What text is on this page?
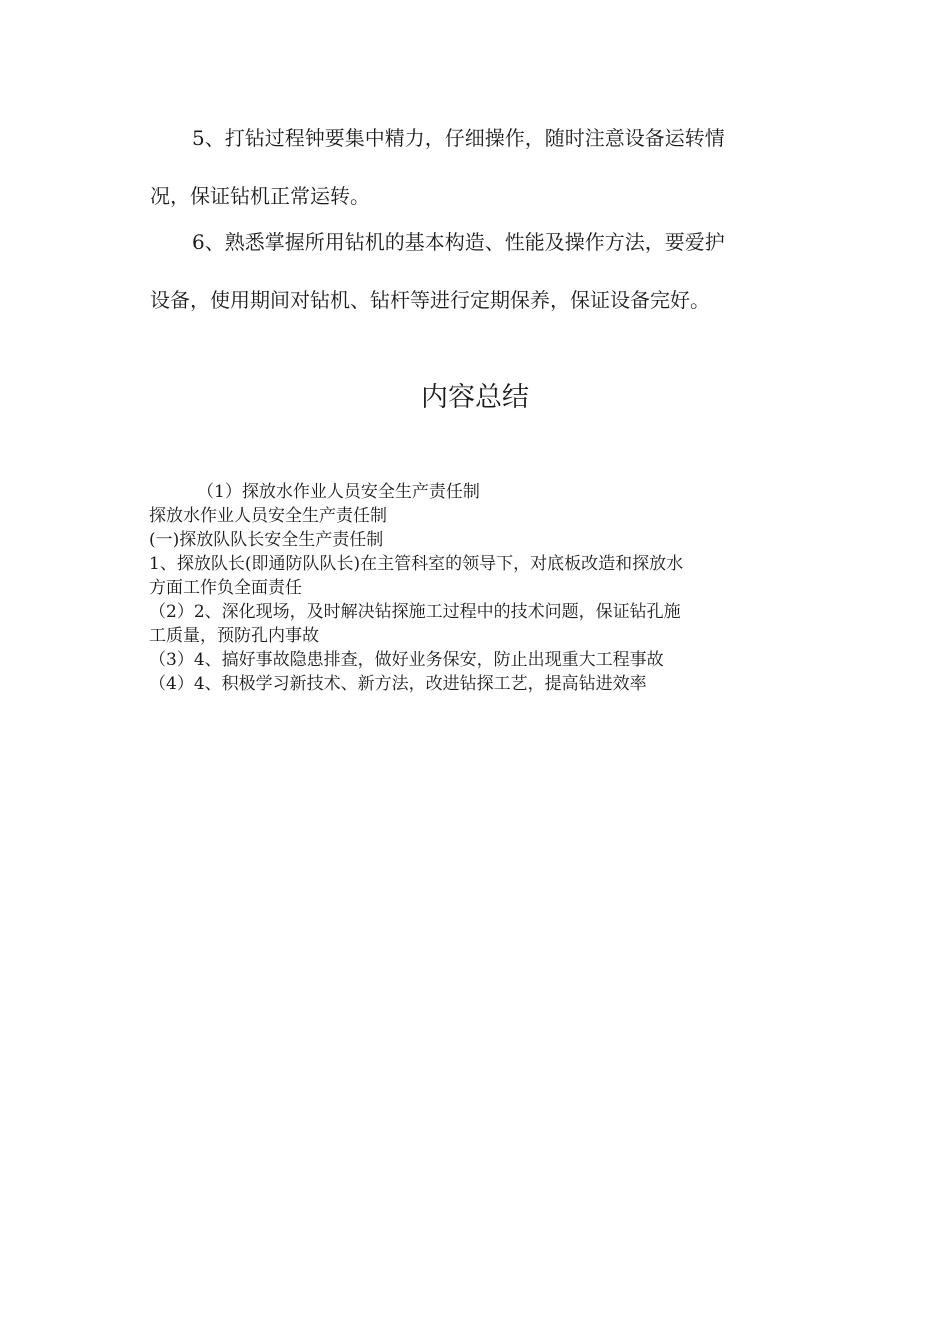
5、打钻过程钟要集中精力，仔细操作，随时注意设备运转情
况，保证钻机正常运转。

6、熟悉掌握所用钻机的基本构造、性能及操作方法，要爱护
设备，使用期间对钻机、钻杆等进行定期保养，保证设备完好。

内容总结
（1）探放水作业人员安全生产责任制
探放水作业人员安全生产责任制
(一)探放队队长安全生产责任制
1、探放队长(即通防队队长)在主管科室的领导下，对底板改造和探放水
方面工作负全面责任
（2）2、深化现场，及时解决钻探施工过程中的技术问题，保证钻孔施
工质量，预防孔内事故
（3）4、搞好事故隐患排查，做好业务保安，防止出现重大工程事故
（4）4、积极学习新技术、新方法，改进钻探工艺，提高钻进效率
